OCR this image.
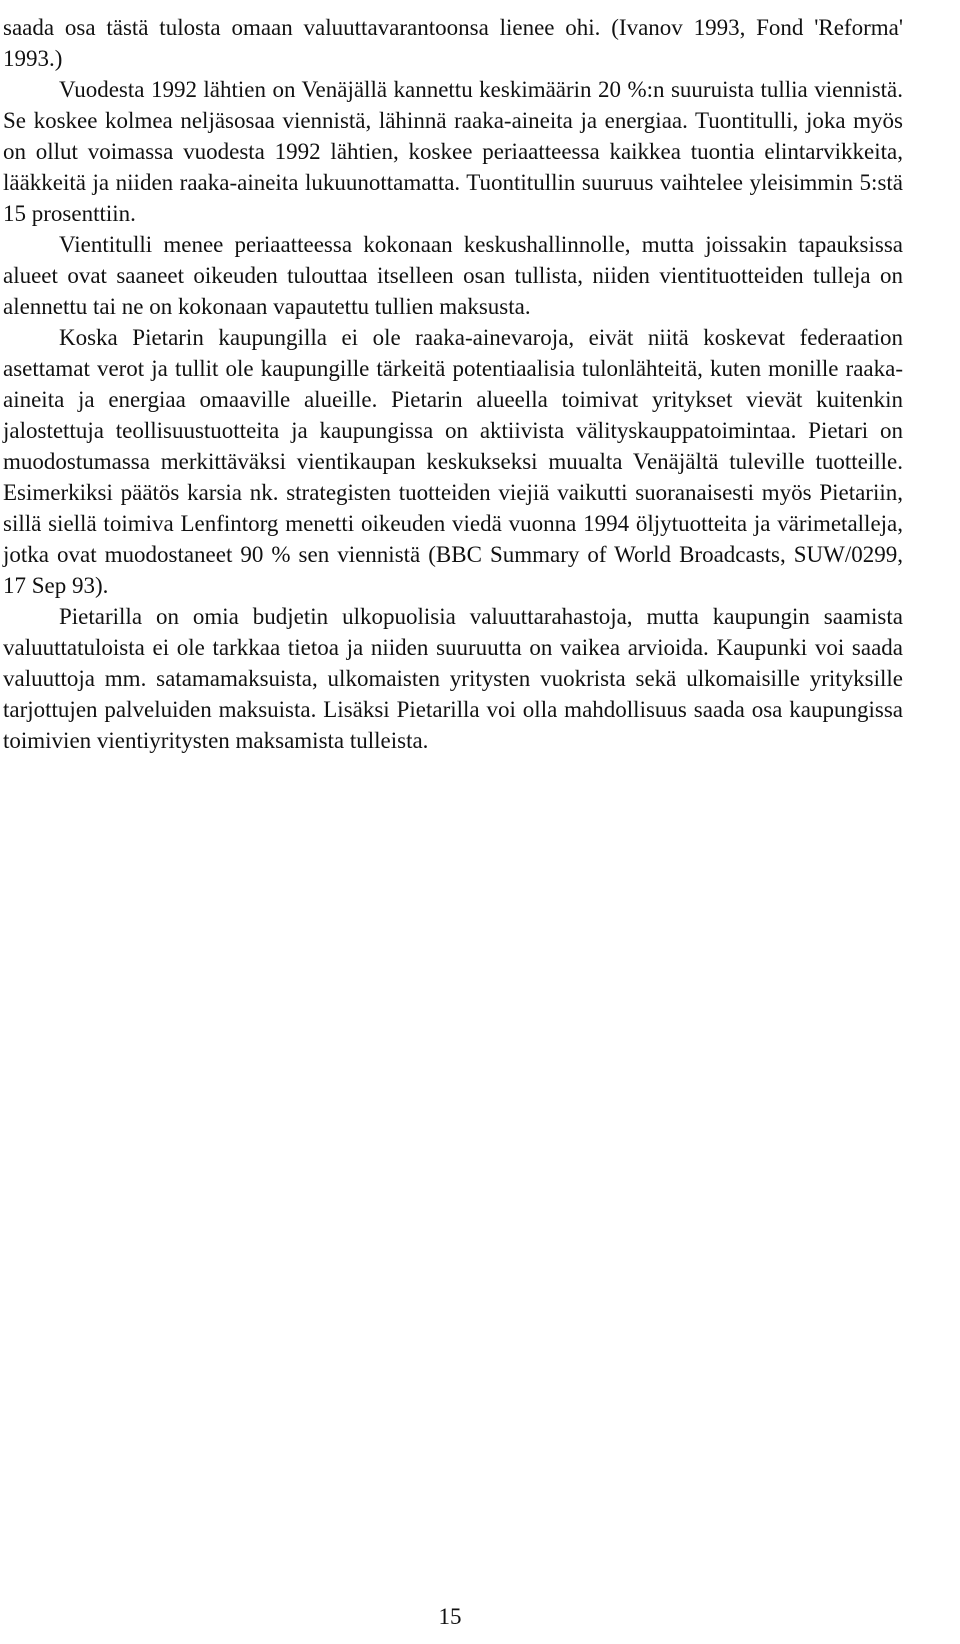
saada osa tästä tulosta omaan valuuttavarantoonsa lienee ohi. (Ivanov 1993, Fond 'Reforma' 1993.)

Vuodesta 1992 lähtien on Venäjällä kannettu keskimäärin 20 %:n suuruista tullia viennistä. Se koskee kolmea neljäsosaa viennistä, lähinnä raaka-aineita ja energiaa. Tuontitulli, joka myös on ollut voimassa vuodesta 1992 lähtien, koskee periaatteessa kaikkea tuontia elintarvikkeita, lääkkeitä ja niiden raaka-aineita lukuunottamatta. Tuontitullin suuruus vaihtelee yleisimmin 5:stä 15 prosenttiin.

Vientitulli menee periaatteessa kokonaan keskushallinnolle, mutta joissakin tapauksissa alueet ovat saaneet oikeuden tulouttaa itselleen osan tullista, niiden vientituotteiden tulleja on alennettu tai ne on kokonaan vapautettu tullien maksusta.

Koska Pietarin kaupungilla ei ole raaka-ainevaroja, eivät niitä koskevat federaation asettamat verot ja tullit ole kaupungille tärkeitä potentiaalisia tulonlähteitä, kuten monille raaka-aineita ja energiaa omaaville alueille. Pietarin alueella toimivat yritykset vievät kuitenkin jalostettuja teollisuustuotteita ja kaupungissa on aktiivista välityskauppatoimintaa. Pietari on muodostumassa merkittäväksi vientikaupan keskukseksi muualta Venäjältä tuleville tuotteille. Esimerkiksi päätös karsia nk. strategisten tuotteiden viejiä vaikutti suoranaisesti myös Pietariin, sillä siellä toimiva Lenfintorg menetti oikeuden viedä vuonna 1994 öljytuotteita ja värimetalleja, jotka ovat muodostaneet 90 % sen viennistä (BBC Summary of World Broadcasts, SUW/0299, 17 Sep 93).

Pietarilla on omia budjetin ulkopuolisia valuuttarahastoja, mutta kaupungin saamista valuuttatuloista ei ole tarkkaa tietoa ja niiden suuruutta on vaikea arvioida. Kaupunki voi saada valuuttoja mm. satamamaksuista, ulkomaisten yritysten vuokrista sekä ulkomaisille yrityksille tarjottujen palveluiden maksuista. Lisäksi Pietarilla voi olla mahdollisuus saada osa kaupungissa toimivien vientiyritysten maksamista tulleista.

15
